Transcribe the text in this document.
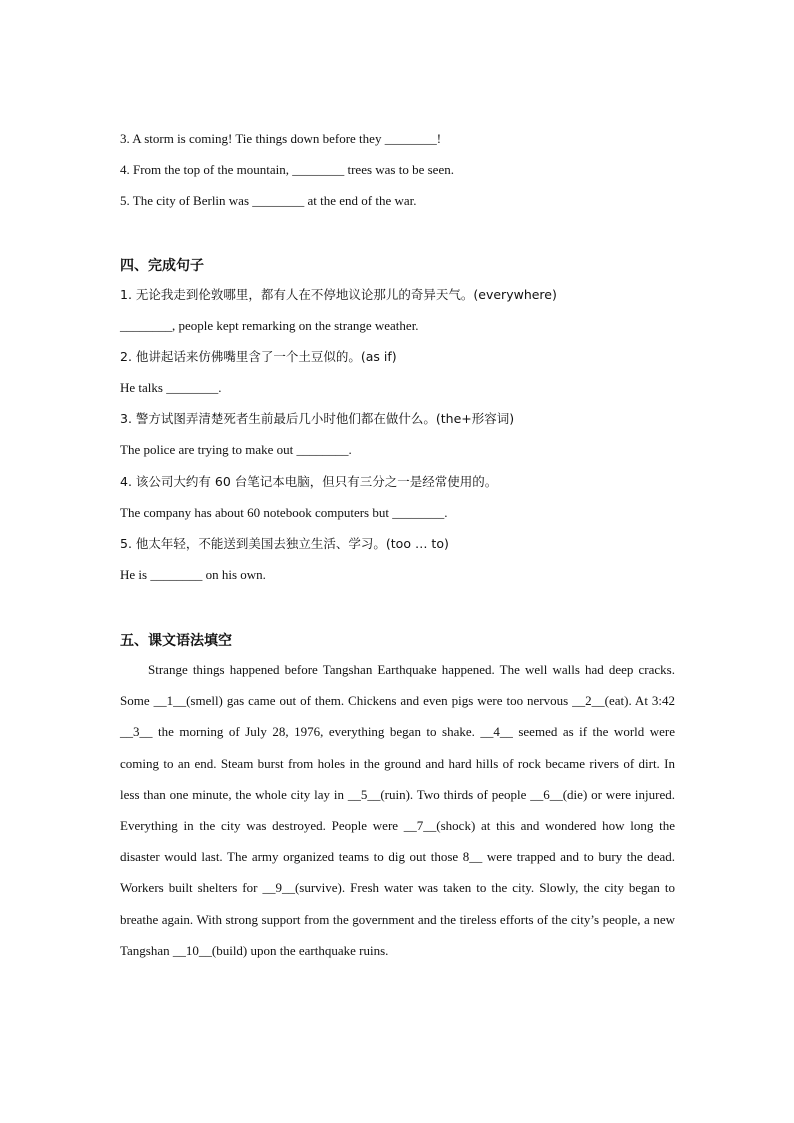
3. A storm is coming! Tie things down before they ________!
4. From the top of the mountain, ________ trees was to be seen.
5. The city of Berlin was ________ at the end of the war.
四、完成句子
1. 无论我走到伦敦哪里，都有人在不停地议论那儿的奇异天气。(everywhere)
________, people kept remarking on the strange weather.
2. 他讲起话来仿佛嘴里含了一个土豆似的。(as if)
He talks ________.
3. 警方试图弄清楚死者生前最后几小时他们都在做什么。(the+形容词)
The police are trying to make out ________.
4. 该公司大约有 60 台笔记本电脑，但只有三分之一是经常使用的。
The company has about 60 notebook computers but ________.
5. 他太年轻，不能送到美国去独立生活、学习。(too … to)
He is ________ on his own.
五、课文语法填空
Strange things happened before Tangshan Earthquake happened. The well walls had deep cracks. Some __1__(smell) gas came out of them. Chickens and even pigs were too nervous __2__(eat). At 3:42 __3__ the morning of July 28, 1976, everything began to shake. __4__ seemed as if the world were coming to an end. Steam burst from holes in the ground and hard hills of rock became rivers of dirt. In less than one minute, the whole city lay in __5__(ruin). Two thirds of people __6__(die) or were injured. Everything in the city was destroyed. People were __7__(shock) at this and wondered how long the disaster would last. The army organized teams to dig out those 8__ were trapped and to bury the dead. Workers built shelters for __9__(survive). Fresh water was taken to the city. Slowly, the city began to breathe again. With strong support from the government and the tireless efforts of the city’s people, a new Tangshan __10__(build) upon the earthquake ruins.
